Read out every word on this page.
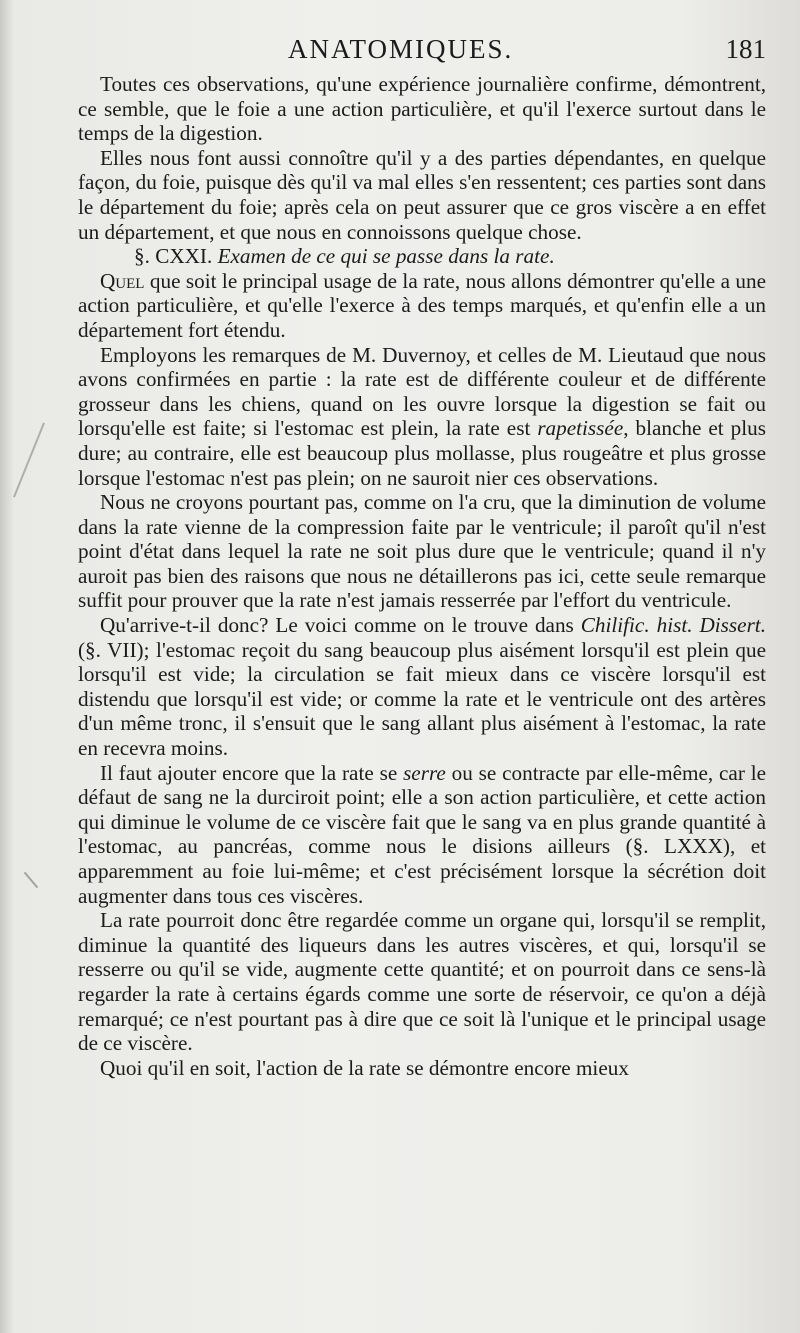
ANATOMIQUES.	181

Toutes ces observations, qu'une expérience journalière confirme, démontrent, ce semble, que le foie a une action particulière, et qu'il l'exerce surtout dans le temps de la digestion.

Elles nous font aussi connoître qu'il y a des parties dépendantes, en quelque façon, du foie, puisque dès qu'il va mal elles s'en ressentent; ces parties sont dans le département du foie; après cela on peut assurer que ce gros viscère a en effet un département, et que nous en connoissons quelque chose.

§. CXXI. Examen de ce qui se passe dans la rate.

Quel que soit le principal usage de la rate, nous allons démontrer qu'elle a une action particulière, et qu'elle l'exerce à des temps marqués, et qu'enfin elle a un département fort étendu.

Employons les remarques de M. Duvernoy, et celles de M. Lieutaud que nous avons confirmées en partie : la rate est de différente couleur et de différente grosseur dans les chiens, quand on les ouvre lorsque la digestion se fait ou lorsqu'elle est faite; si l'estomac est plein, la rate est rapetissée, blanche et plus dure; au contraire, elle est beaucoup plus mollasse, plus rougeâtre et plus grosse lorsque l'estomac n'est pas plein; on ne sauroit nier ces observations.

Nous ne croyons pourtant pas, comme on l'a cru, que la diminution de volume dans la rate vienne de la compression faite par le ventricule; il paroît qu'il n'est point d'état dans lequel la rate ne soit plus dure que le ventricule; quand il n'y auroit pas bien des raisons que nous ne détaillerons pas ici, cette seule remarque suffit pour prouver que la rate n'est jamais resserrée par l'effort du ventricule.

Qu'arrive-t-il donc? Le voici comme on le trouve dans Chilific. hist. Dissert. (§. VII); l'estomac reçoit du sang beaucoup plus aisément lorsqu'il est plein que lorsqu'il est vide; la circulation se fait mieux dans ce viscère lorsqu'il est distendu que lorsqu'il est vide; or comme la rate et le ventricule ont des artères d'un même tronc, il s'ensuit que le sang allant plus aisément à l'estomac, la rate en recevra moins.

Il faut ajouter encore que la rate se serre ou se contracte par elle-même, car le défaut de sang ne la durciroit point; elle a son action particulière, et cette action qui diminue le volume de ce viscère fait que le sang va en plus grande quantité à l'estomac, au pancréas, comme nous le disions ailleurs (§. LXXX), et apparemment au foie lui-même; et c'est précisément lorsque la sécrétion doit augmenter dans tous ces viscères.

La rate pourroit donc être regardée comme un organe qui, lorsqu'il se remplit, diminue la quantité des liqueurs dans les autres viscères, et qui, lorsqu'il se resserre ou qu'il se vide, augmente cette quantité; et on pourroit dans ce sens-là regarder la rate à certains égards comme une sorte de réservoir, ce qu'on a déjà remarqué; ce n'est pourtant pas à dire que ce soit là l'unique et le principal usage de ce viscère.

Quoi qu'il en soit, l'action de la rate se démontre encore mieux
